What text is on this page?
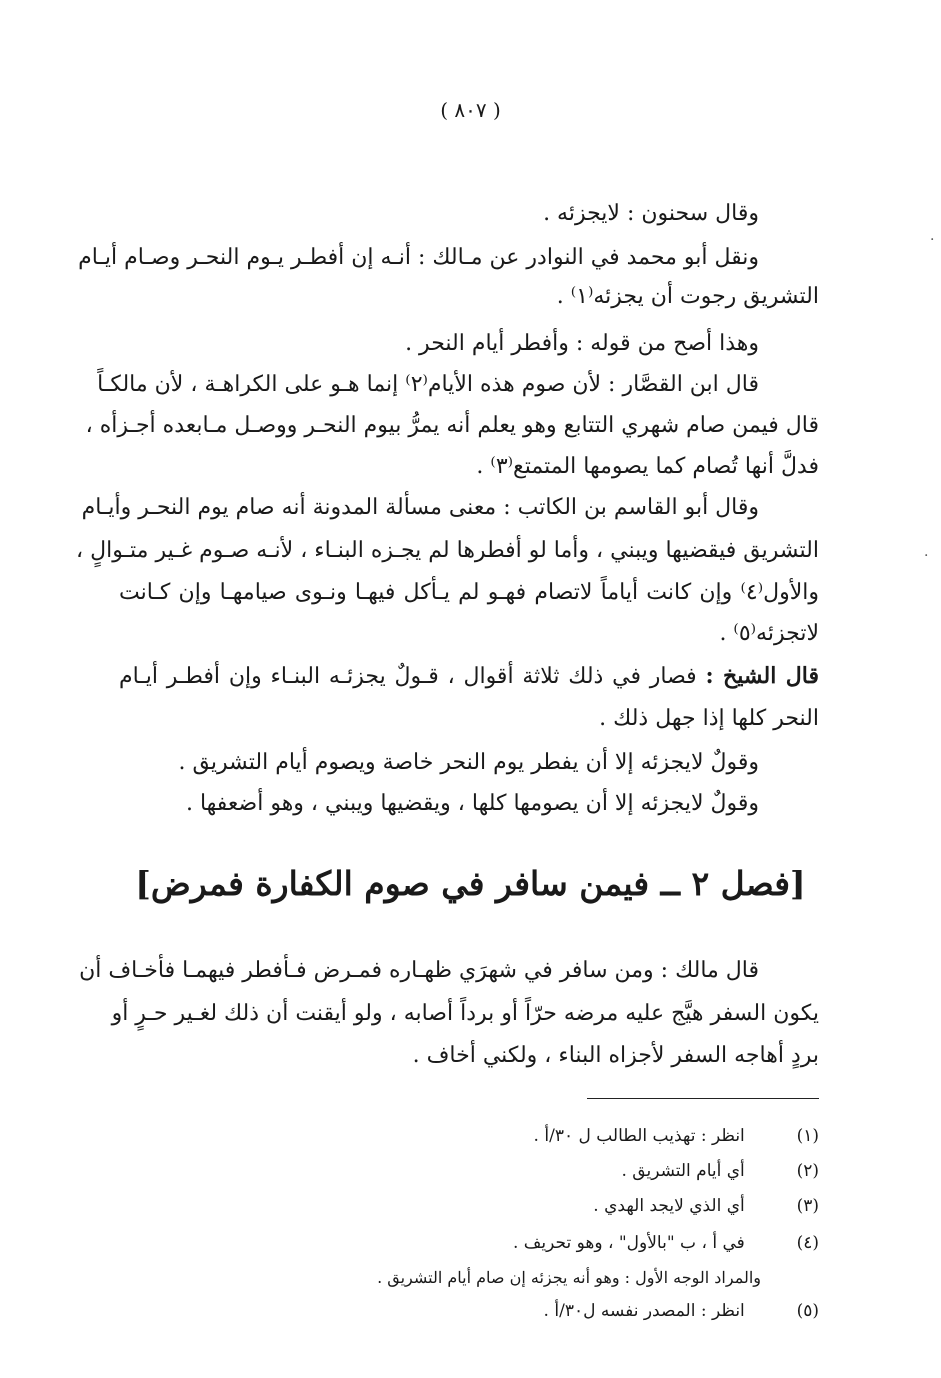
( ٨٠٧ )
وقال سحنون : لايجزئه .
ونقل أبو محمد في النوادر عن مـالك : أنـه إن أفطـر يـوم النحـر وصـام أيـام
التشريق رجوت أن يجزئه⁽١⁾ .
وهذا أصح من قوله : وأفطر أيام النحر .
قال ابن القصَّار : لأن صوم هذه الأيام⁽٢⁾ إنما هـو على الكراهـة ، لأن مالكـاً
قال فيمن صام شهري التتابع وهو يعلم أنه يمرُّ بيوم النحـر ووصـل مـابعده أجـزأه ،
فدلَّ أنها تُصام كما يصومها المتمتع⁽٣⁾ .
وقال أبو القاسم بن الكاتب : معنى مسألة المدونة أنه صام يوم النحـر وأيـام
التشريق فيقضيها ويبني ، وأما لو أفطرها لم يجـزه البنـاء ، لأنـه صـوم غـير متـوالٍ ،
والأول⁽٤⁾ وإن كانت أياماً لاتصام فهـو لم يـأكل فيهـا ونـوى صيامهـا وإن كـانت
لاتجزئه⁽٥⁾ .
قال الشيخ : فصار في ذلك ثلاثة أقوال ، قـولٌ يجزئـه البنـاء وإن أفطـر أيـام
النحر كلها إذا جهل ذلك .
وقولٌ لايجزئه إلا أن يفطر يوم النحر خاصة ويصوم أيام التشريق .
وقولٌ لايجزئه إلا أن يصومها كلها ، ويقضيها ويبني ، وهو أضعفها .
[فصل ٢ ــ فيمن سافر في صوم الكفارة فمرض]
قال مالك : ومن سافر في شهرَي ظهـاره فمـرض فـأفطر فيهمـا فأخـاف أن
يكون السفر هيَّج عليه مرضه حرّاً أو برداً أصابه ، ولو أيقنت أن ذلك لغـير حـرٍ أو
بردٍ أهاجه السفر لأجزاه البناء ، ولكني أخاف .
(١)   انظر : تهذيب الطالب ل ٣٠/أ .
(٢)   أي أيام التشريق .
(٣)   أي الذي لايجد الهدي .
(٤)   في أ ، ب "بالأول" ، وهو تحريف .
والمراد الوجه الأول : وهو أنه يجزئه إن صام أيام التشريق .
(٥)   انظر : المصدر نفسه ل٣٠/أ .
·
·
